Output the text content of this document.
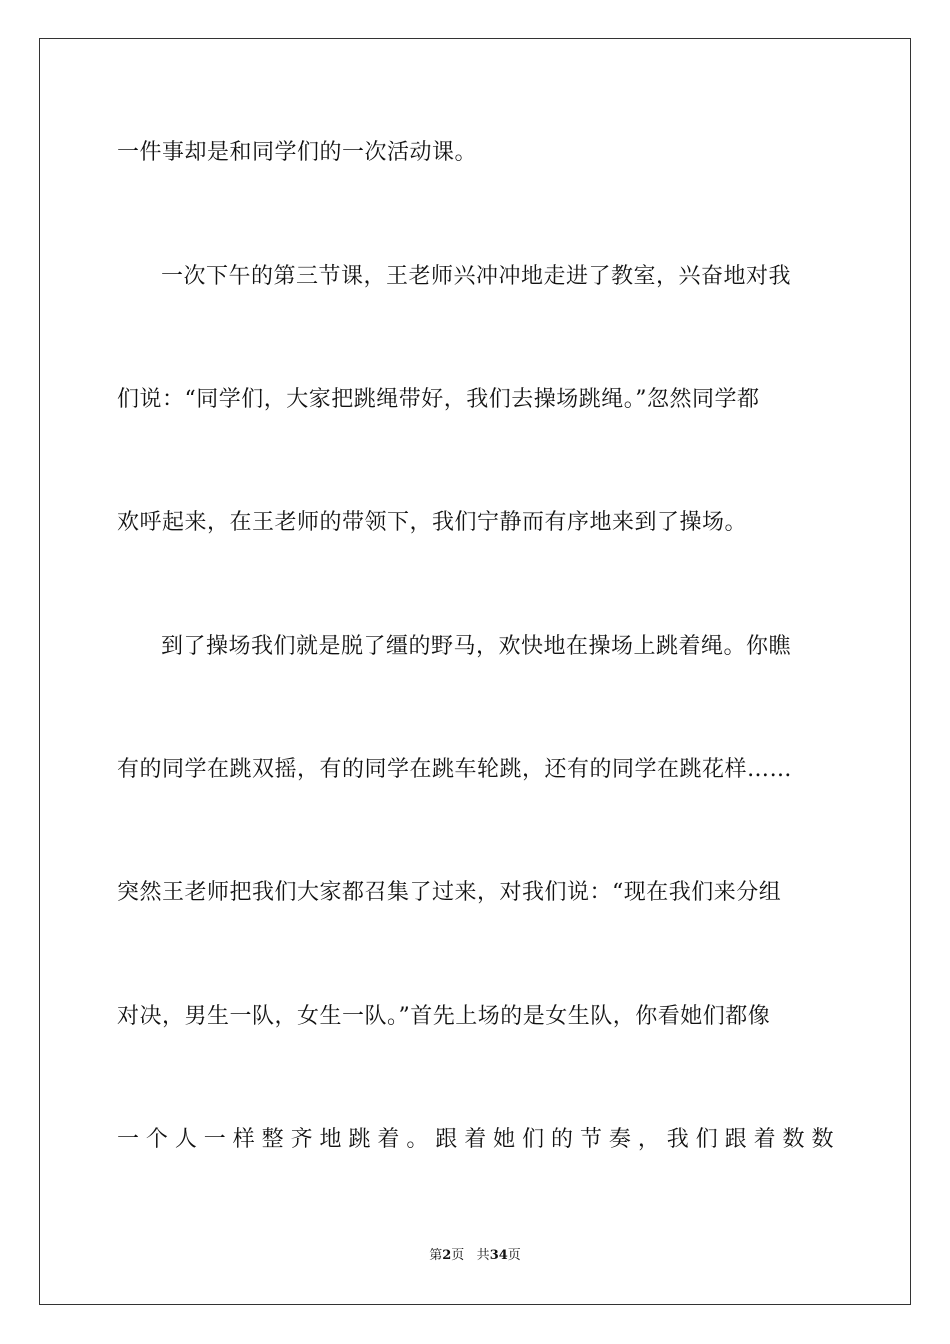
一件事却是和同学们的一次活动课。
一次下午的第三节课，王老师兴冲冲地走进了教室，兴奋地对我
们说：“同学们，大家把跳绳带好，我们去操场跳绳。”忽然同学都
欢呼起来，在王老师的带领下，我们宁静而有序地来到了操场。
到了操场我们就是脱了缰的野马，欢快地在操场上跳着绳。你瞧
有的同学在跳双摇，有的同学在跳车轮跳，还有的同学在跳花样……
突然王老师把我们大家都召集了过来，对我们说：“现在我们来分组
对决，男生一队，女生一队。”首先上场的是女生队，你看她们都像
一个人一样整齐地跳着。跟着她们的节奏，我们跟着数数
第2页 共34页
